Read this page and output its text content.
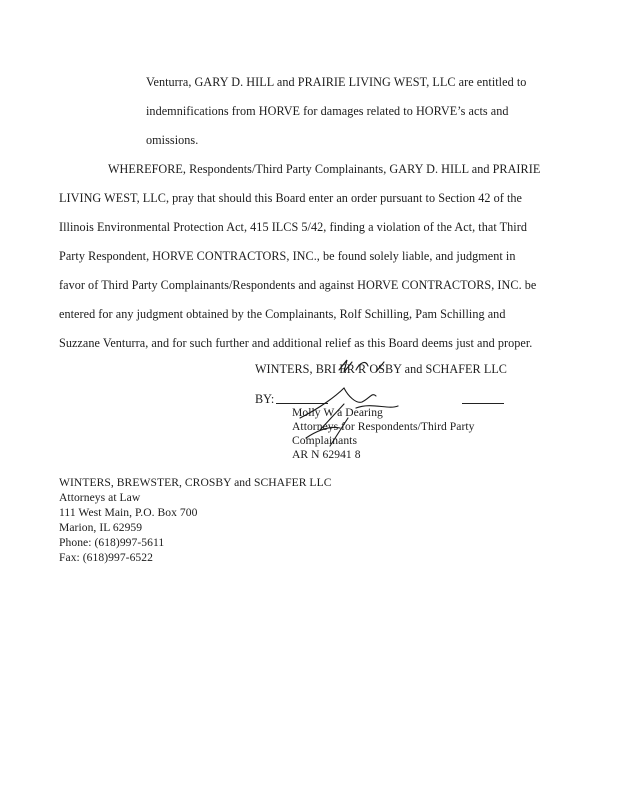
Venturra, GARY D. HILL and PRAIRIE LIVING WEST, LLC are entitled to
indemnifications from HORVE for damages related to HORVE’s acts and
omissions.
WHEREFORE, Respondents/Third Party Complainants, GARY D. HILL and PRAIRIE
LIVING WEST, LLC, pray that should this Board enter an order pursuant to Section 42 of the
Illinois Environmental Protection Act, 415 ILCS 5/42, finding a violation of the Act, that Third
Party Respondent, HORVE CONTRACTORS, INC., be found solely liable, and judgment in
favor of Third Party Complainants/Respondents and against HORVE CONTRACTORS, INC. be
entered for any judgment obtained by the Complainants, Rolf Schilling, Pam Schilling and
Suzzane Venturra, and for such further and additional relief as this Board deems just and proper.
WINTERS, BRI ER R OSBY and SCHAFER LLC
BY:
Molly W a Dearing
Attorneys for Respondents/Third Party
Complainants
AR N 62941 8
WINTERS, BREWSTER, CROSBY and SCHAFER LLC
Attorneys at Law
111 West Main, P.O. Box 700
Marion, IL 62959
Phone: (618)997-5611
Fax: (618)997-6522
